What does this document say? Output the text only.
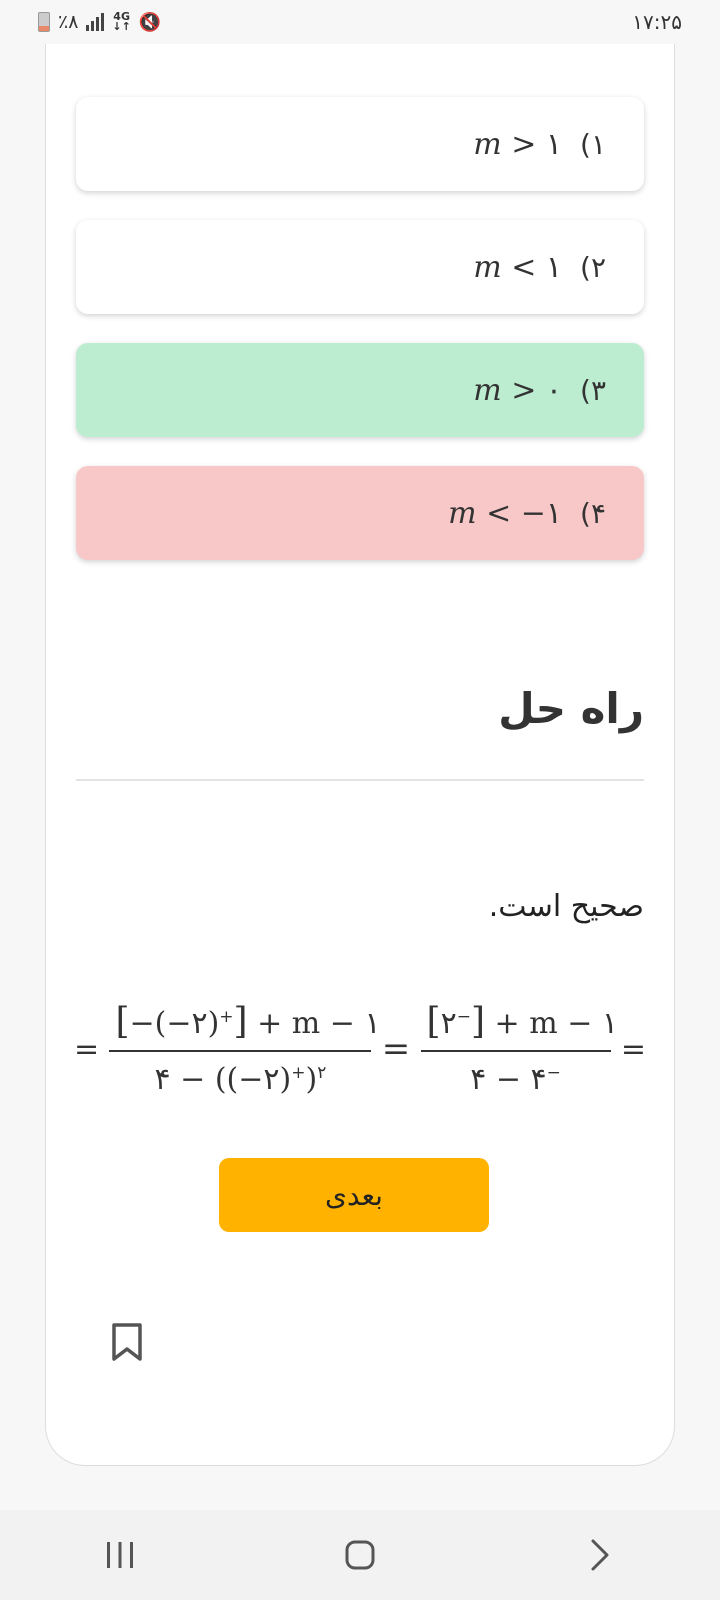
٪۸	4G
↓↑ 🔇	۱۷:۲۵
m
>
۱ (۱
m
<
۱ (۲
m
>
۰ (۳
m
<
−۱ (۴
راه حل
صحیح است.
= $\frac{[-(-۲)^+] + m - ۱}{۴ - ((-۲)^+)^۲} = \frac{[۲^-] + m - ۱}{۴ - ۴^-}$ =
بعدی
